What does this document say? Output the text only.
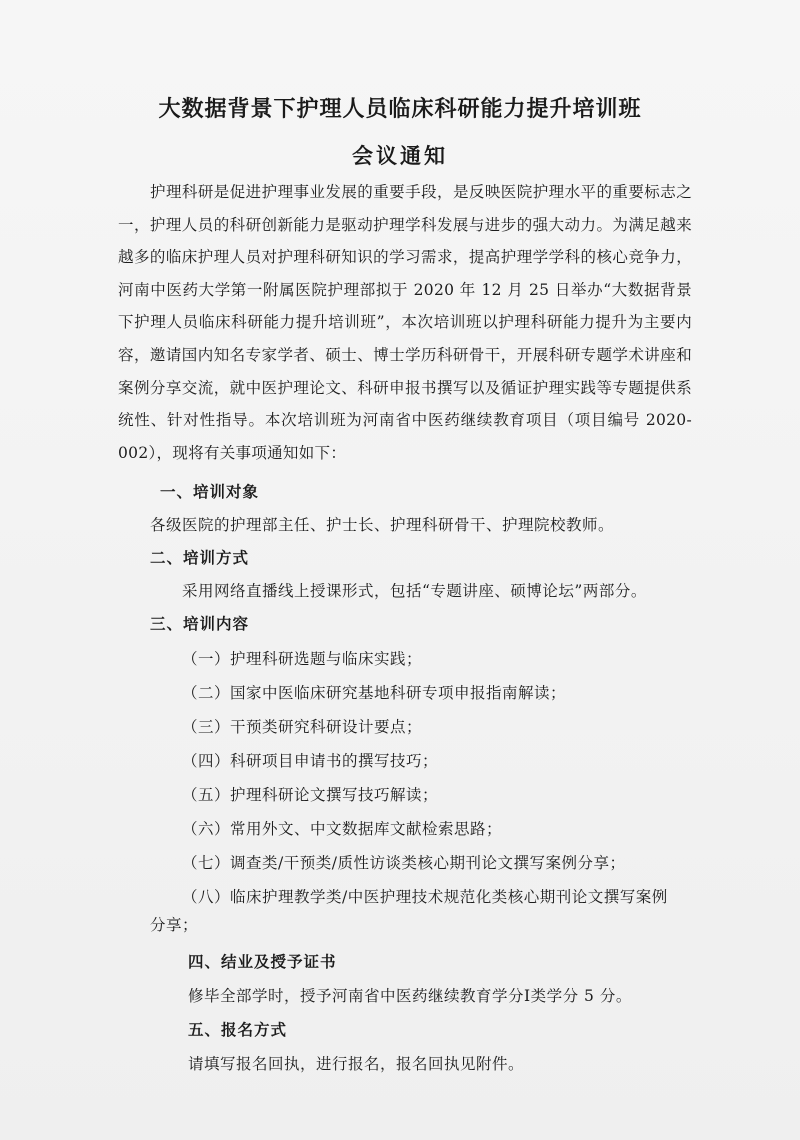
大数据背景下护理人员临床科研能力提升培训班
会议通知

护理科研是促进护理事业发展的重要手段，是反映医院护理水平的重要标志之一，护理人员的科研创新能力是驱动护理学科发展与进步的强大动力。为满足越来越多的临床护理人员对护理科研知识的学习需求，提高护理学学科的核心竞争力，河南中医药大学第一附属医院护理部拟于 2020 年 12 月 25 日举办“大数据背景下护理人员临床科研能力提升培训班”，本次培训班以护理科研能力提升为主要内容，邀请国内知名专家学者、硕士、博士学历科研骨干，开展科研专题学术讲座和案例分享交流，就中医护理论文、科研申报书撰写以及循证护理实践等专题提供系统性、针对性指导。本次培训班为河南省中医药继续教育项目（项目编号 2020-002），现将有关事项通知如下：

一、培训对象
各级医院的护理部主任、护士长、护理科研骨干、护理院校教师。
二、培训方式
采用网络直播线上授课形式，包括“专题讲座、硕博论坛”两部分。
三、培训内容
（一）护理科研选题与临床实践；
（二）国家中医临床研究基地科研专项申报指南解读；
（三）干预类研究科研设计要点；
（四）科研项目申请书的撰写技巧；
（五）护理科研论文撰写技巧解读；
（六）常用外文、中文数据库文献检索思路；
（七）调查类/干预类/质性访谈类核心期刊论文撰写案例分享；
（八）临床护理教学类/中医护理技术规范化类核心期刊论文撰写案例
分享；
四、结业及授予证书
修毕全部学时，授予河南省中医药继续教育学分Ⅰ类学分 5 分。
五、报名方式
请填写报名回执，进行报名，报名回执见附件。
